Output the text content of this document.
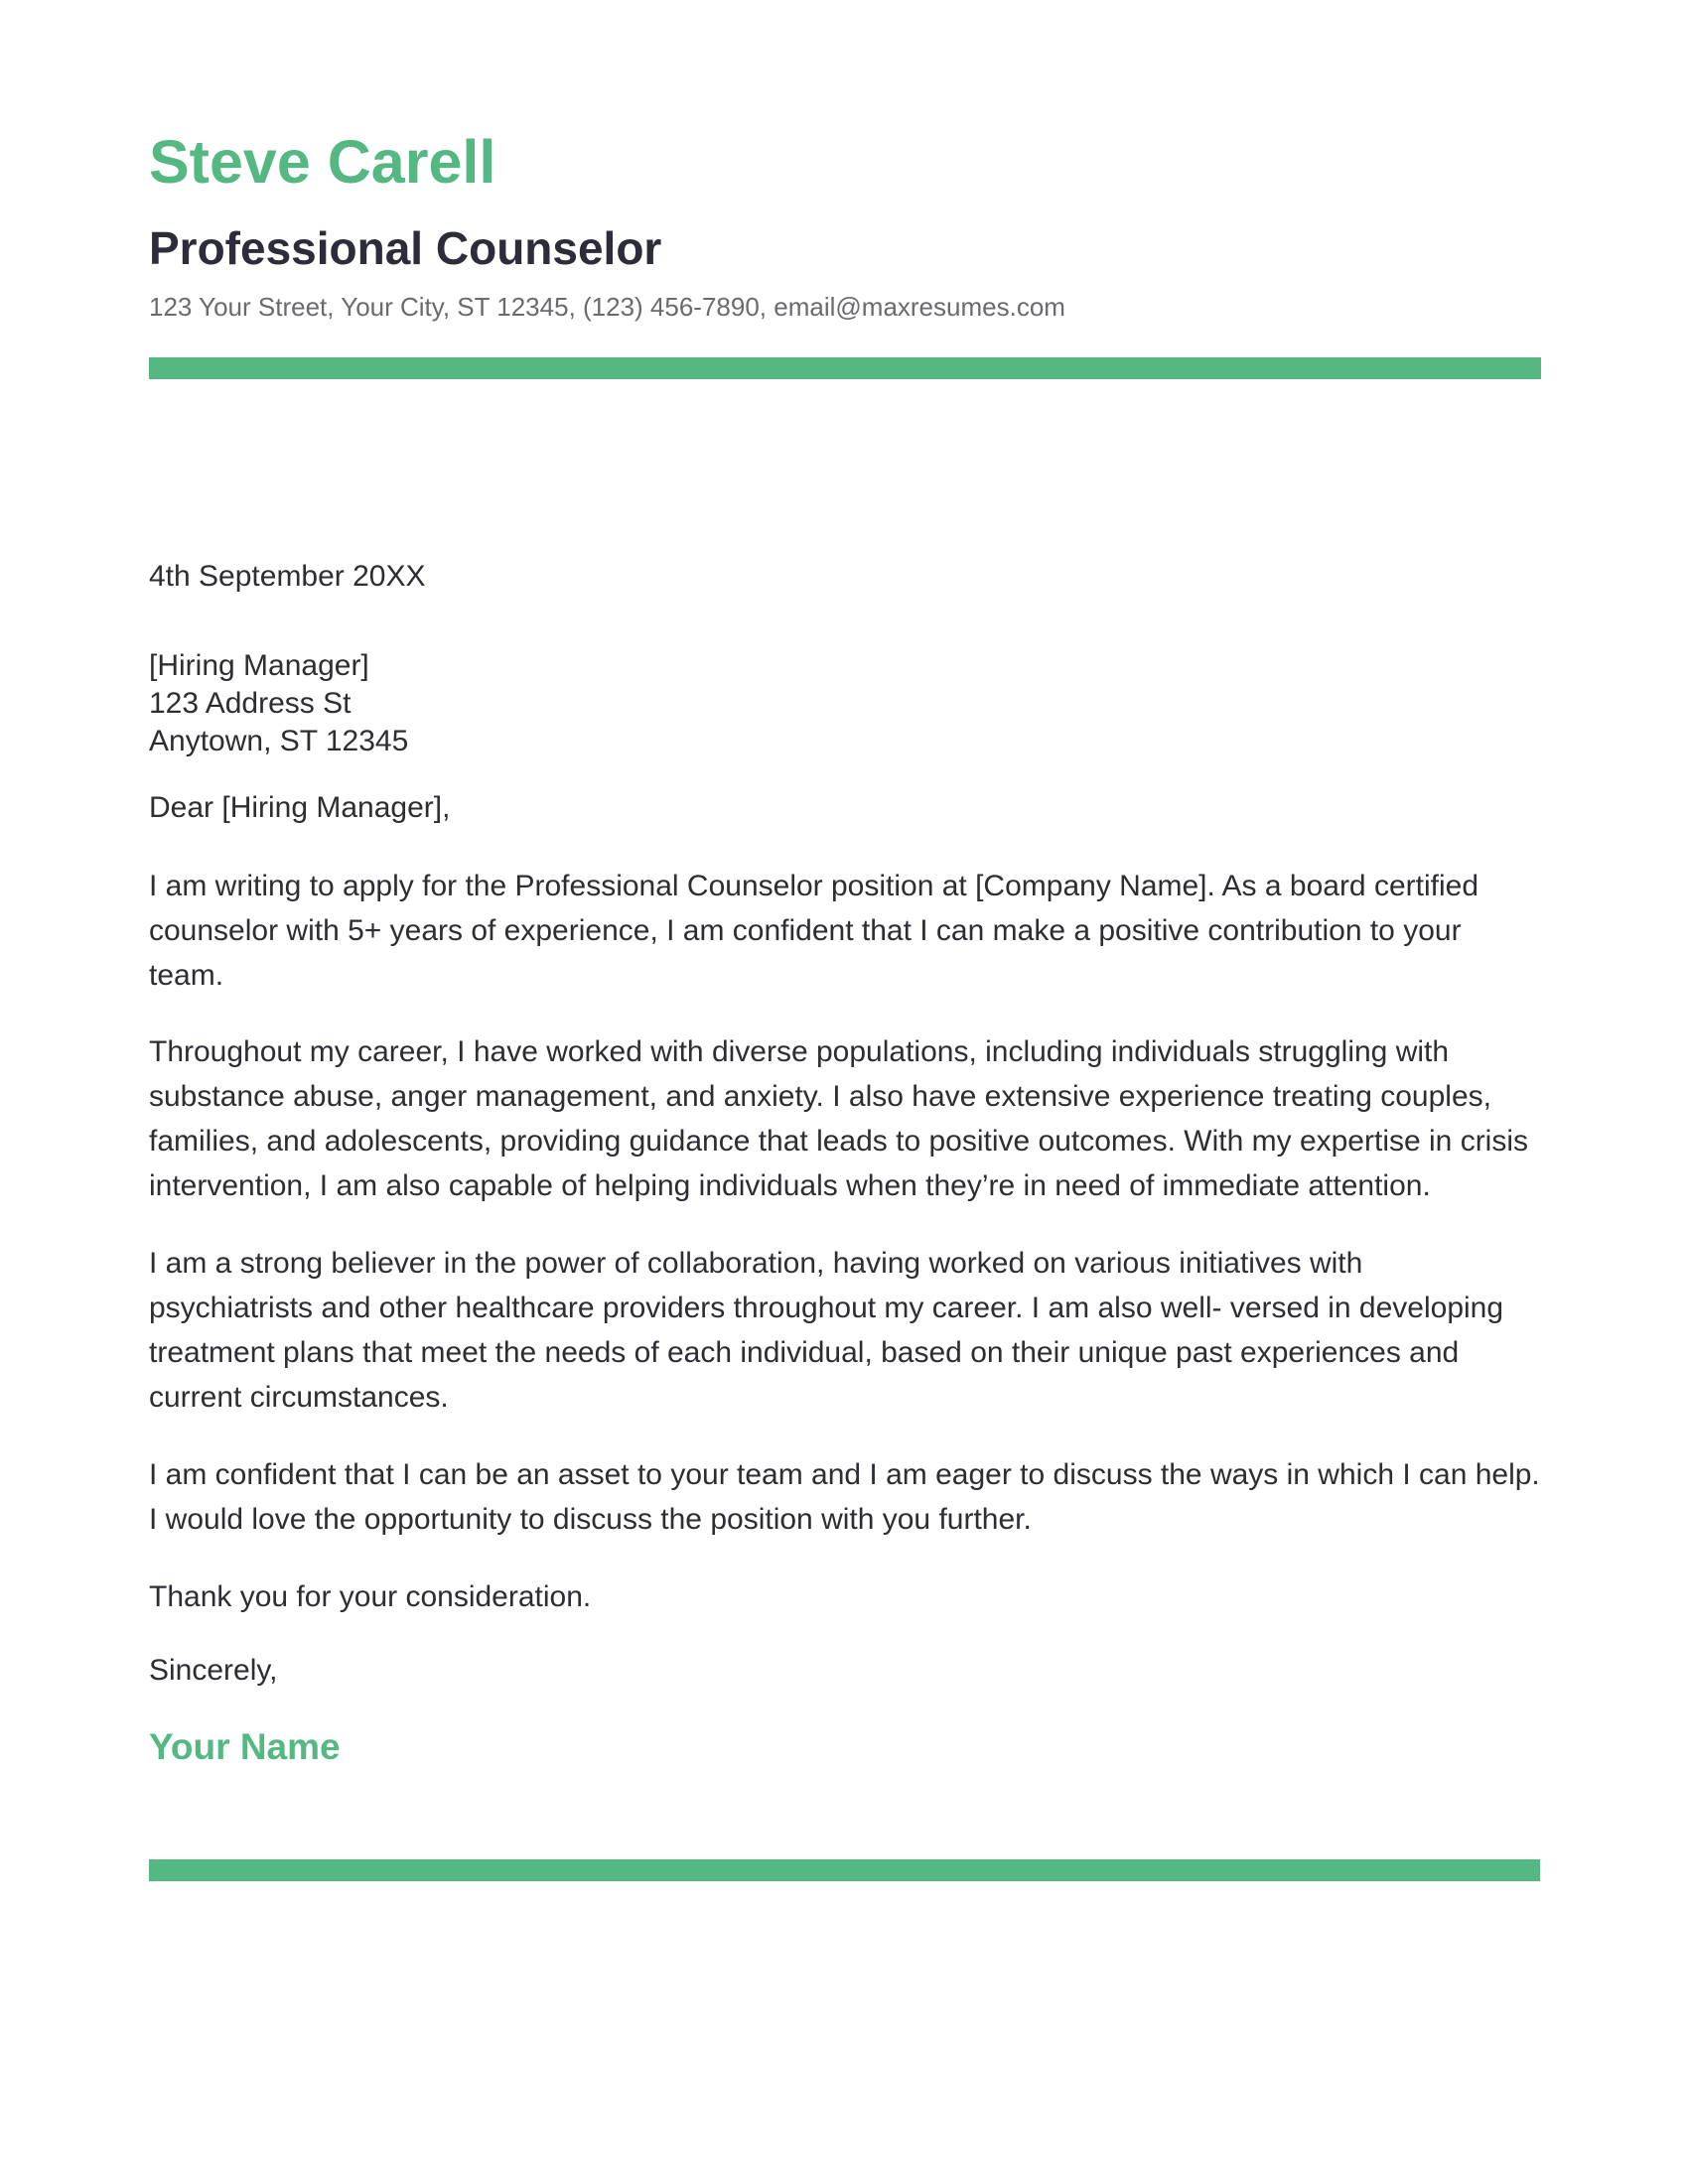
Steve Carell
Professional Counselor
123 Your Street, Your City, ST 12345, (123) 456-7890, email@maxresumes.com

4th September 20XX

[Hiring Manager]
123 Address St
Anytown, ST 12345

Dear [Hiring Manager],

I am writing to apply for the Professional Counselor position at [Company Name]. As a board certified
counselor with 5+ years of experience, I am confident that I can make a positive contribution to your
team.

Throughout my career, I have worked with diverse populations, including individuals struggling with
substance abuse, anger management, and anxiety. I also have extensive experience treating couples,
families, and adolescents, providing guidance that leads to positive outcomes. With my expertise in crisis
intervention, I am also capable of helping individuals when they’re in need of immediate attention.

I am a strong believer in the power of collaboration, having worked on various initiatives with
psychiatrists and other healthcare providers throughout my career. I am also well- versed in developing
treatment plans that meet the needs of each individual, based on their unique past experiences and
current circumstances.

I am confident that I can be an asset to your team and I am eager to discuss the ways in which I can help.
I would love the opportunity to discuss the position with you further.

Thank you for your consideration.

Sincerely,

Your Name
